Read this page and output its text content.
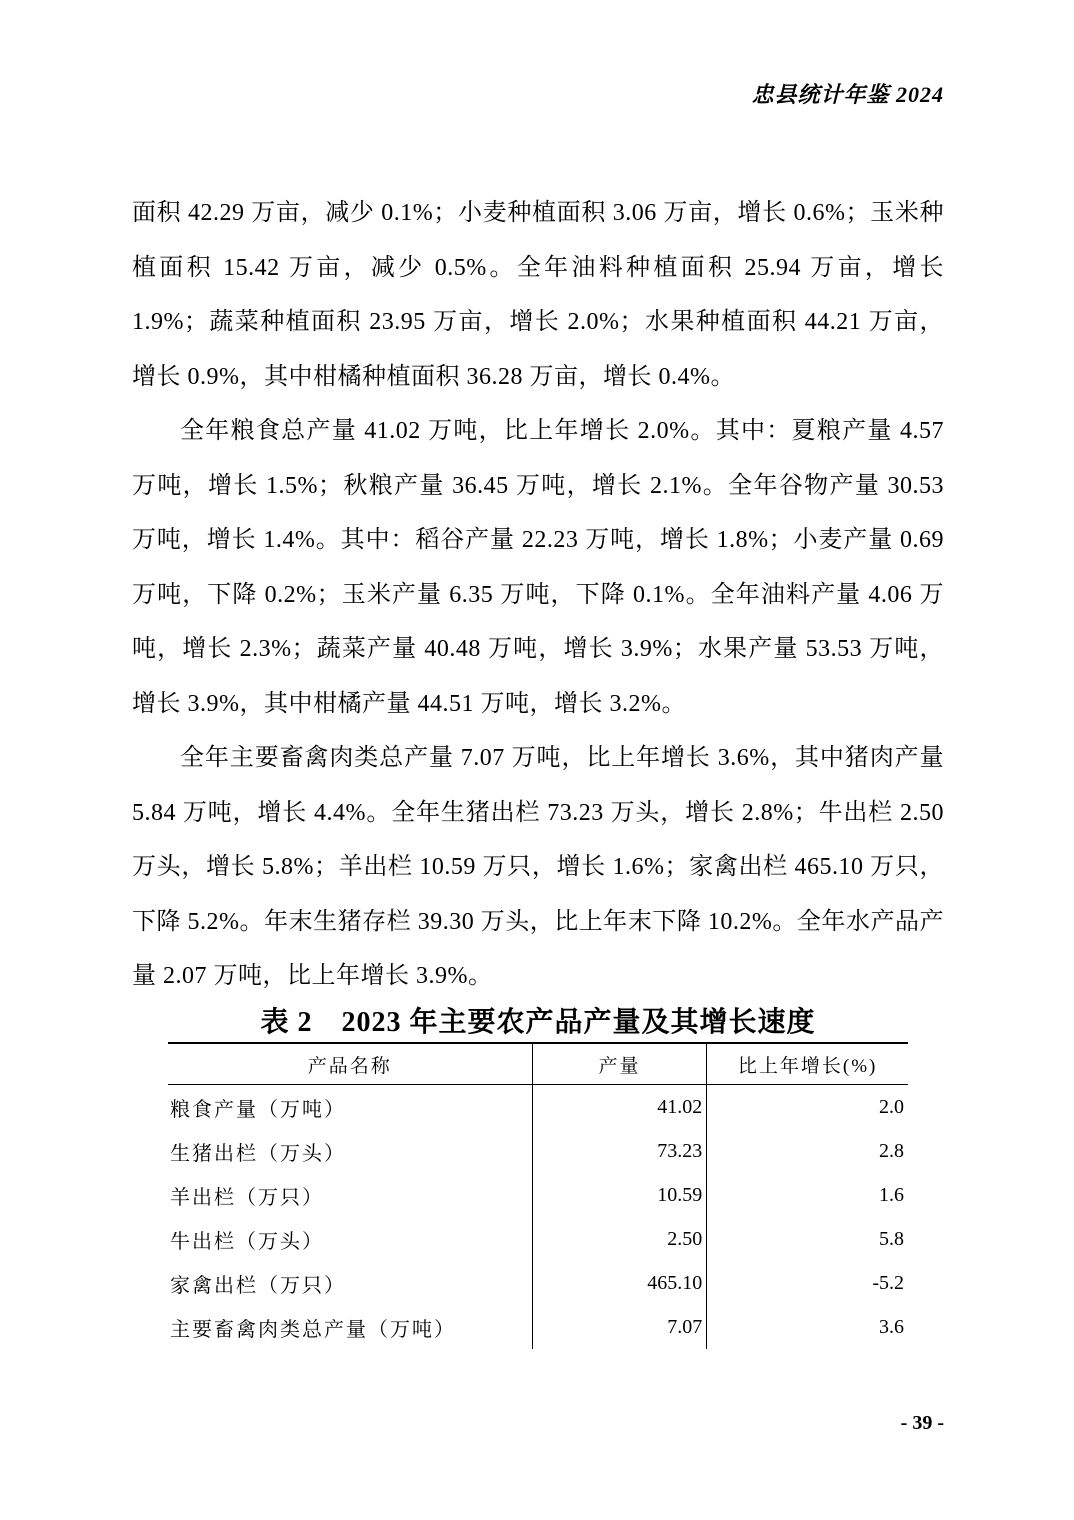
忠县统计年鉴 2024

面积 42.29 万亩，减少 0.1%；小麦种植面积 3.06 万亩，增长 0.6%；玉米种植面积 15.42 万亩，减少 0.5%。全年油料种植面积 25.94 万亩，增长 1.9%；蔬菜种植面积 23.95 万亩，增长 2.0%；水果种植面积 44.21 万亩，增长 0.9%，其中柑橘种植面积 36.28 万亩，增长 0.4%。

全年粮食总产量 41.02 万吨，比上年增长 2.0%。其中：夏粮产量 4.57 万吨，增长 1.5%；秋粮产量 36.45 万吨，增长 2.1%。全年谷物产量 30.53 万吨，增长 1.4%。其中：稻谷产量 22.23 万吨，增长 1.8%；小麦产量 0.69 万吨，下降 0.2%；玉米产量 6.35 万吨，下降 0.1%。全年油料产量 4.06 万吨，增长 2.3%；蔬菜产量 40.48 万吨，增长 3.9%；水果产量 53.53 万吨，增长 3.9%，其中柑橘产量 44.51 万吨，增长 3.2%。

全年主要畜禽肉类总产量 7.07 万吨，比上年增长 3.6%，其中猪肉产量 5.84 万吨，增长 4.4%。全年生猪出栏 73.23 万头，增长 2.8%；牛出栏 2.50 万头，增长 5.8%；羊出栏 10.59 万只，增长 1.6%；家禽出栏 465.10 万只，下降 5.2%。年末生猪存栏 39.30 万头，比上年末下降 10.2%。全年水产品产量 2.07 万吨，比上年增长 3.9%。

表 2　2023 年主要农产品产量及其增长速度
产品名称	产量	比上年增长(%)
粮食产量（万吨）	41.02	2.0
生猪出栏（万头）	73.23	2.8
羊出栏（万只）	10.59	1.6
牛出栏（万头）	2.50	5.8
家禽出栏（万只）	465.10	-5.2
主要畜禽肉类总产量（万吨）	7.07	3.6
- 39 -
